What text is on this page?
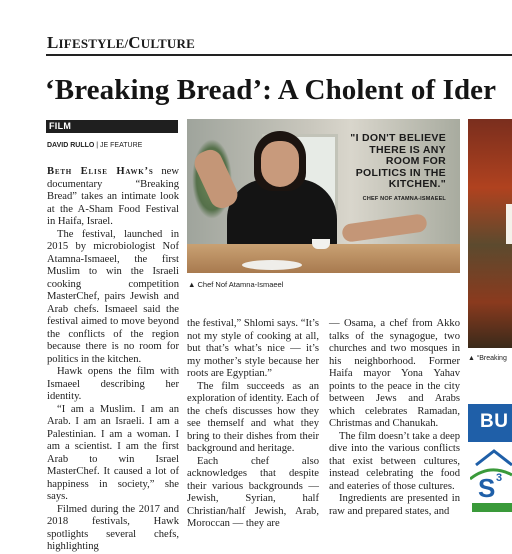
LIFESTYLE/CULTURE
‘Breaking Bread’: A Cholent of Ider
FILM
DAVID RULLO | JE FEATURE

Beth Elise Hawk’s new documentary “Breaking Bread” takes an intimate look at the A-Sham Food Festival in Haifa, Israel.

The festival, launched in 2015 by microbiologist Nof Atamna-Ismaeel, the first Muslim to win the Israeli cooking competition MasterChef, pairs Jewish and Arab chefs. Ismaeel said the festival aimed to move beyond the conflicts of the region because there is no room for politics in the kitchen.

Hawk opens the film with Ismaeel describing her identity.

“I am a Muslim. I am an Arab. I am an Israeli. I am a Palestinian. I am a woman. I am a scientist. I am the first Arab to win Israel MasterChef. It caused a lot of happiness in society,” she says.

Filmed during the 2017 and 2018 festivals, Hawk spotlights several chefs, highlighting

"I DON'T BELIEVE THERE IS ANY ROOM FOR POLITICS IN THE KITCHEN."
CHEF NOF ATAMNA-ISMAEEL
▲ Chef Nof Atamna-Ismaeel

the festival,” Shlomi says. “It’s not my style of cooking at all, but that’s what’s nice — it’s my mother’s style because her roots are Egyptian.”

The film succeeds as an exploration of identity. Each of the chefs discusses how they see themself and what they bring to their dishes from their background and heritage.

Each chef also acknowledges that despite their various backgrounds — Jewish, Syrian, half Christian/half Jewish, Arab, Moroccan — they are

— Osama, a chef from Akko talks of the synagogue, two churches and two mosques in his neighborhood. Former Haifa mayor Yona Yahav points to the peace in the city between Jews and Arabs which celebrates Ramadan, Christmas and Chanukah.

The film doesn’t take a deep dive into the various conflicts that exist between cultures, instead celebrating the food and eateries of those cultures.

Ingredients are presented in raw and prepared states, and

▲ “Breaking
BU
S 3
